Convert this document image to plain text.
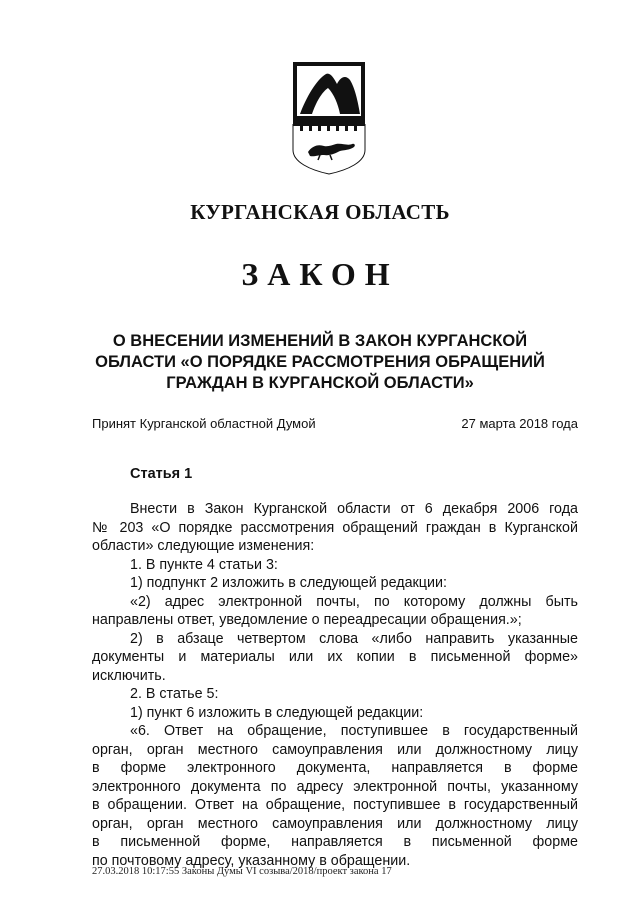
КУРГАНСКАЯ ОБЛАСТЬ
ЗАКОН
О ВНЕСЕНИИ ИЗМЕНЕНИЙ В ЗАКОН КУРГАНСКОЙ
ОБЛАСТИ «О ПОРЯДКЕ РАССМОТРЕНИЯ ОБРАЩЕНИЙ
ГРАЖДАН В КУРГАНСКОЙ ОБЛАСТИ»
Принят Курганской областной Думой	27 марта 2018 года
Статья 1
Внести в Закон Курганской области от 6 декабря 2006 года
№ 203 «О порядке рассмотрения обращений граждан в Курганской
области» следующие изменения:
1. В пункте 4 статьи 3:
1) подпункт 2 изложить в следующей редакции:
«2) адрес электронной почты, по которому должны быть
направлены ответ, уведомление о переадресации обращения.»;
2) в абзаце четвертом слова «либо направить указанные
документы и материалы или их копии в письменной форме»
исключить.
2. В статье 5:
1) пункт 6 изложить в следующей редакции:
«6. Ответ на обращение, поступившее в государственный
орган, орган местного самоуправления или должностному лицу
в форме электронного документа, направляется в форме
электронного документа по адресу электронной почты, указанному
в обращении. Ответ на обращение, поступившее в государственный
орган, орган местного самоуправления или должностному лицу
в письменной форме, направляется в письменной форме
по почтовому адресу, указанному в обращении.
27.03.2018 10:17:55 Законы Думы VI созыва/2018/проект закона 17
